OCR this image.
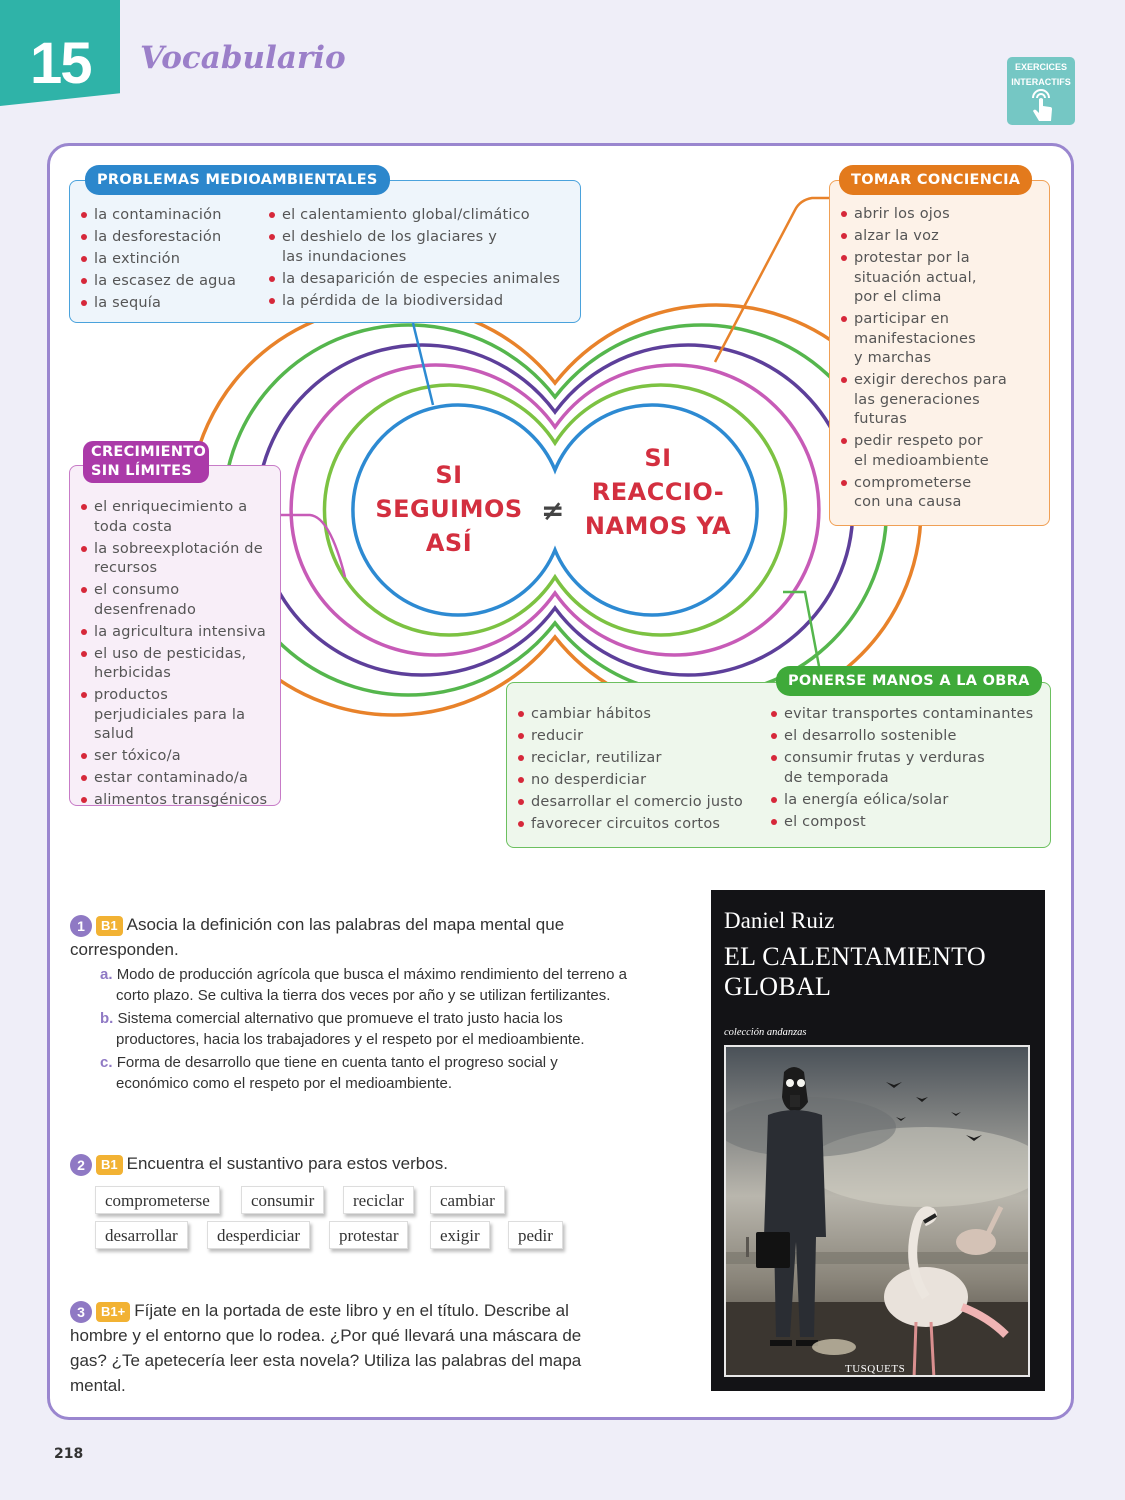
15 Vocabulario	EXERCICES
INTERACTIFS
la contaminación
la desforestación
la extinción
la escasez de agua
la sequía
el calentamiento global/climático
el deshielo de los glaciares y las inundaciones
la desaparición de especies animales
la pérdida de la biodiversidad
PROBLEMAS MEDIOAMBIENTALES
abrir los ojos
alzar la voz
protestar por la situación actual, por el clima
participar en manifestaciones y marchas
exigir derechos para las generaciones futuras
pedir respeto por el medioambiente
comprometerse con una causa
TOMAR CONCIENCIA
el enriquecimiento a toda costa
la sobreexplotación de recursos
el consumo desenfrenado
la agricultura intensiva
el uso de pesticidas, herbicidas
productos perjudiciales para la salud
ser tóxico/a
estar contaminado/a
alimentos transgénicos
CRECIMIENTO SIN LÍMITES
cambiar hábitos
reducir
reciclar, reutilizar
no desperdiciar
desarrollar el comercio justo
favorecer circuitos cortos
evitar transportes contaminantes
el desarrollo sostenible
consumir frutas y verduras de temporada
la energía eólica/solar
el compost
PONERSE MANOS A LA OBRA
SI SEGUIMOS ASÍ
SI REACCIO- NAMOS YA
≠
1 B1 Asocia la definición con las palabras del mapa mental que corresponden.
a. Modo de producción agrícola que busca el máximo rendimiento del terreno a corto plazo. Se cultiva la tierra dos veces por año y se utilizan fertilizantes.
b. Sistema comercial alternativo que promueve el trato justo hacia los productores, hacia los trabajadores y el respeto por el medioambiente.
c. Forma de desarrollo que tiene en cuenta tanto el progreso social y económico como el respeto por el medioambiente.
2 B1 Encuentra el sustantivo para estos verbos.
comprometerse	consumir	reciclar	cambiar
desarrollar	desperdiciar	protestar	exigir	pedir
3 B1+ Fíjate en la portada de este libro y en el título. Describe al hombre y el entorno que lo rodea. ¿Por qué llevará una máscara de gas? ¿Te apetecería leer esta novela? Utiliza las palabras del mapa mental.
Daniel Ruiz
EL CALENTAMIENTO
GLOBAL
colección andanzas
TUSQUETS
218
